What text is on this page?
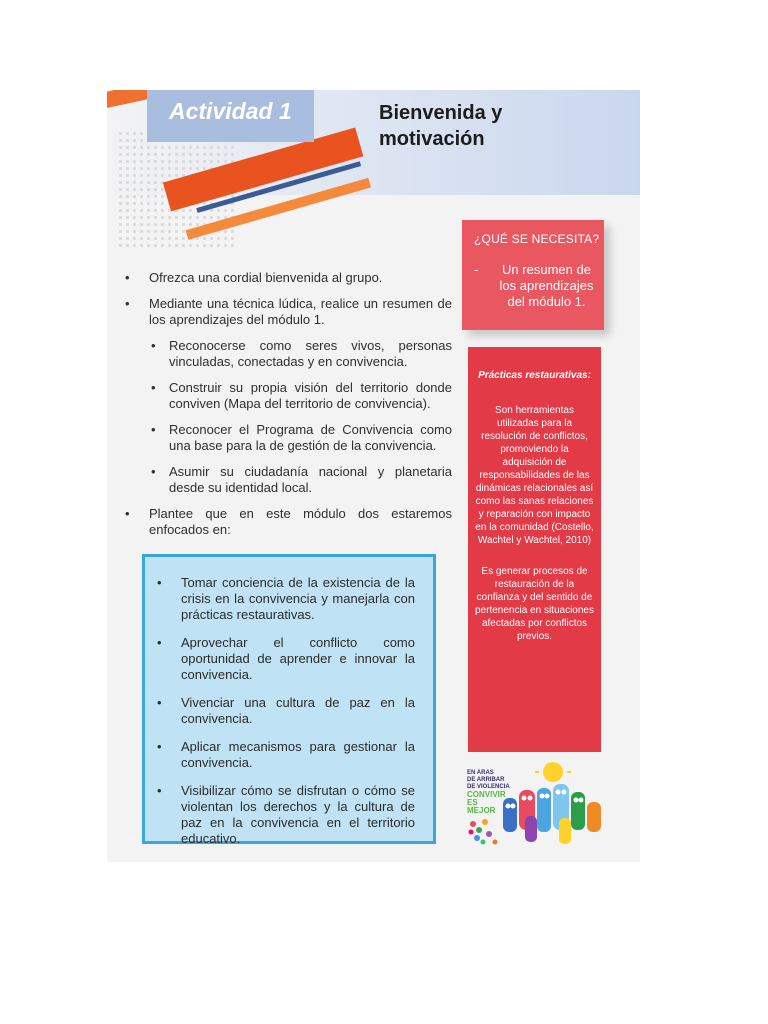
Actividad 1	Bienvenida y motivación
¿QUÉ SE NECESITA?
-	Un resumen de los aprendizajes del módulo 1.
• Ofrezca una cordial bienvenida al grupo.
• Mediante una técnica lúdica, realice un resumen de los aprendizajes del módulo 1.
• Reconocerse como seres vivos, personas vinculadas, conectadas y en convivencia.
• Construir su propia visión del territorio donde conviven (Mapa del territorio de convivencia).
• Reconocer el Programa de Convivencia como una base para la de gestión de la convivencia.
• Asumir su ciudadanía nacional y planetaria desde su identidad local.
• Plantee que en este módulo dos estaremos enfocados en:
• Tomar conciencia de la existencia de la crisis en la convivencia y manejarla con prácticas restaurativas.
• Aprovechar el conflicto como oportunidad de aprender e innovar la convivencia.
• Vivenciar una cultura de paz en la convivencia.
• Aplicar mecanismos para gestionar la convivencia.
• Visibilizar cómo se disfrutan o cómo se violentan los derechos y la cultura de paz en la convivencia en el territorio educativo.
Prácticas restaurativas:
Son herramientas utilizadas para la resolución de conflictos, promoviendo la adquisición de responsabilidades de las dinámicas relacionales así como las sanas relaciones y reparación con impacto en la comunidad (Costello, Wachtel y Wachtel, 2010)
Es generar procesos de restauración de la confianza y del sentido de pertenencia en situaciones afectadas por conflictos previos.
EN ARAS
DE ARRIBAR
DE VIOLENCIA
CONVIVIR ES MEJOR
